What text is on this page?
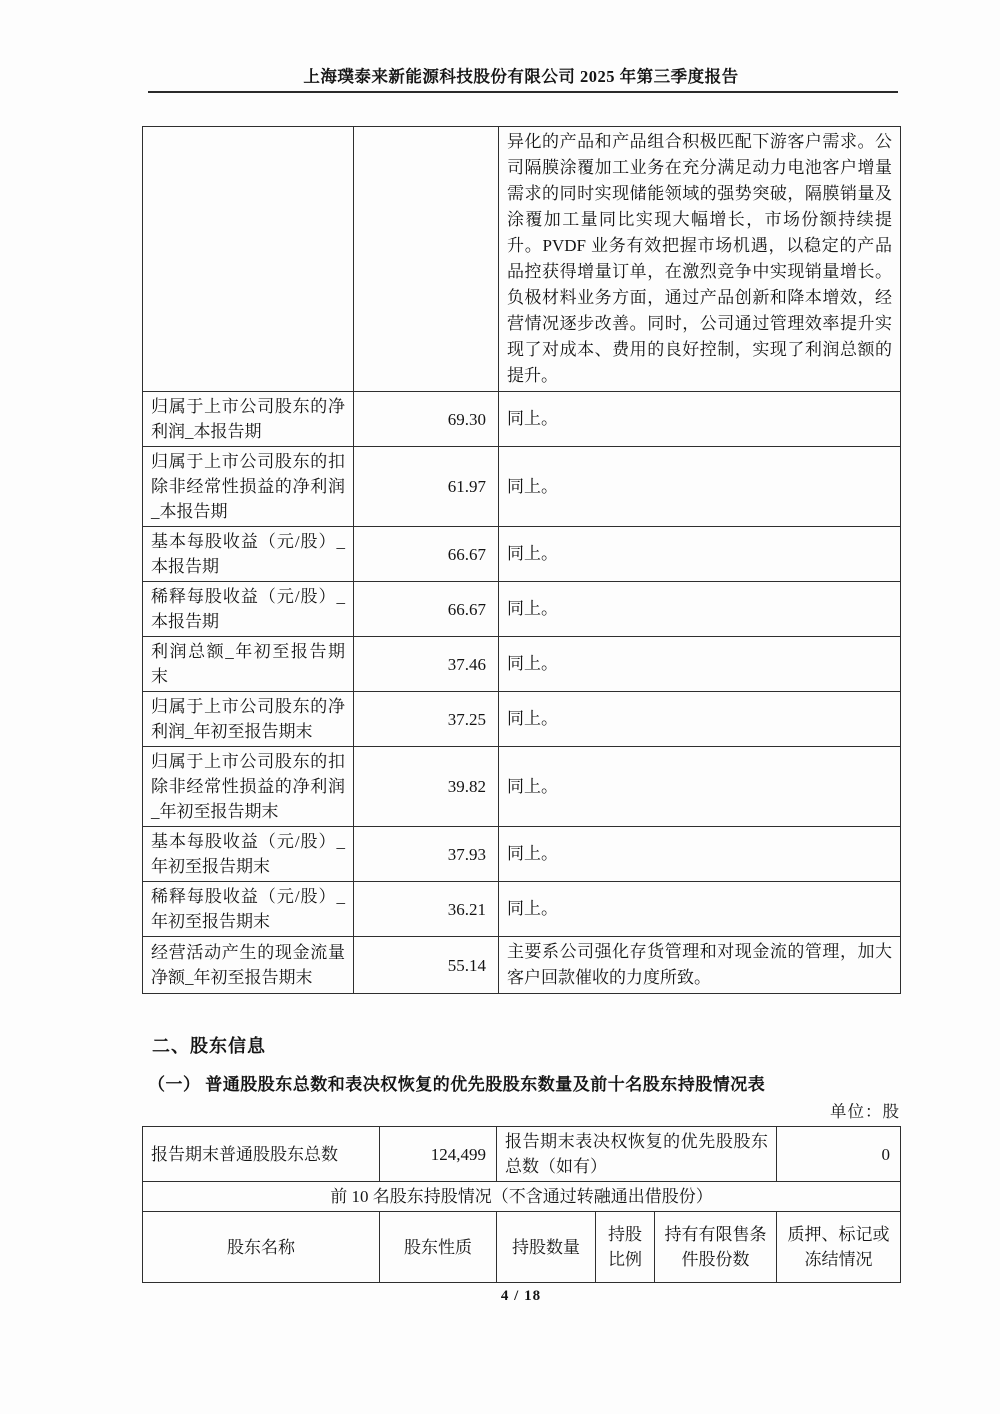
上海璞泰来新能源科技股份有限公司 2025 年第三季度报告
		异化的产品和产品组合积极匹配下游客户需求。公司隔膜涂覆加工业务在充分满足动力电池客户增量需求的同时实现储能领域的强势突破，隔膜销量及涂覆加工量同比实现大幅增长，市场份额持续提升。PVDF 业务有效把握市场机遇，以稳定的产品品控获得增量订单，在激烈竞争中实现销量增长。负极材料业务方面，通过产品创新和降本增效，经营情况逐步改善。同时，公司通过管理效率提升实现了对成本、费用的良好控制，实现了利润总额的提升。
归属于上市公司股东的净利润_本报告期	69.30	同上。
归属于上市公司股东的扣除非经常性损益的净利润_本报告期	61.97	同上。
基本每股收益（元/股）_本报告期	66.67	同上。
稀释每股收益（元/股）_本报告期	66.67	同上。
利润总额_年初至报告期末	37.46	同上。
归属于上市公司股东的净利润_年初至报告期末	37.25	同上。
归属于上市公司股东的扣除非经常性损益的净利润_年初至报告期末	39.82	同上。
基本每股收益（元/股）_年初至报告期末	37.93	同上。
稀释每股收益（元/股）_年初至报告期末	36.21	同上。
经营活动产生的现金流量净额_年初至报告期末	55.14	主要系公司强化存货管理和对现金流的管理，加大客户回款催收的力度所致。
二、股东信息
（一） 普通股股东总数和表决权恢复的优先股股东数量及前十名股东持股情况表
单位：股
报告期末普通股股东总数	124,499	报告期末表决权恢复的优先股股东总数（如有）			0
前 10 名股东持股情况（不含通过转融通出借股份）					
股东名称	股东性质	持股数量	持股比例	持有有限售条件股份数	质押、标记或冻结情况
4 / 18
